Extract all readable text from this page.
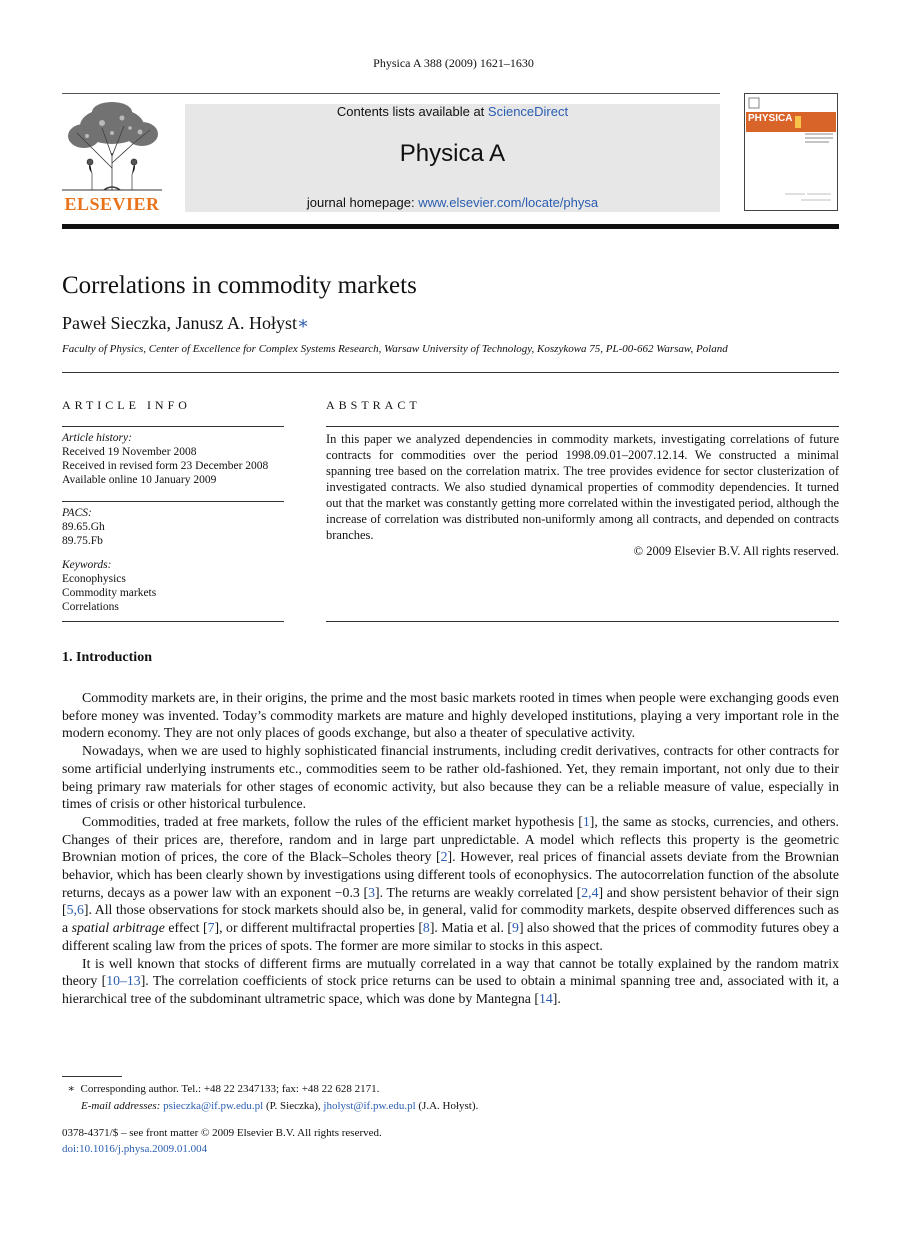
Physica A 388 (2009) 1621–1630
ELSEVIER
Contents lists available at ScienceDirect
Physica A
journal homepage: www.elsevier.com/locate/physa
PHYSICA
Correlations in commodity markets
Paweł Sieczka, Janusz A. Hołyst∗
Faculty of Physics, Center of Excellence for Complex Systems Research, Warsaw University of Technology, Koszykowa 75, PL-00-662 Warsaw, Poland
ARTICLE INFO
Article history:
Received 19 November 2008
Received in revised form 23 December 2008
Available online 10 January 2009
PACS:
89.65.Gh
89.75.Fb
Keywords:
Econophysics
Commodity markets
Correlations
ABSTRACT
In this paper we analyzed dependencies in commodity markets, investigating correlations of future contracts for commodities over the period 1998.09.01–2007.12.14. We constructed a minimal spanning tree based on the correlation matrix. The tree provides evidence for sector clusterization of investigated contracts. We also studied dynamical properties of commodity dependencies. It turned out that the market was constantly getting more correlated within the investigated period, although the increase of correlation was distributed non-uniformly among all contracts, and depended on contracts branches.
© 2009 Elsevier B.V. All rights reserved.
1. Introduction

Commodity markets are, in their origins, the prime and the most basic markets rooted in times when people were exchanging goods even before money was invented. Today’s commodity markets are mature and highly developed institutions, playing a very important role in the modern economy. They are not only places of goods exchange, but also a theater of speculative activity.

Nowadays, when we are used to highly sophisticated financial instruments, including credit derivatives, contracts for other contracts for some artificial underlying instruments etc., commodities seem to be rather old-fashioned. Yet, they remain important, not only due to their being primary raw materials for other stages of economic activity, but also because they can be a reliable measure of value, especially in times of crisis or other historical turbulence.

Commodities, traded at free markets, follow the rules of the efficient market hypothesis [1], the same as stocks, currencies, and others. Changes of their prices are, therefore, random and in large part unpredictable. A model which reflects this property is the geometric Brownian motion of prices, the core of the Black–Scholes theory [2]. However, real prices of financial assets deviate from the Brownian behavior, which has been clearly shown by investigations using different tools of econophysics. The autocorrelation function of the absolute returns, decays as a power law with an exponent −0.3 [3]. The returns are weakly correlated [2,4] and show persistent behavior of their sign [5,6]. All those observations for stock markets should also be, in general, valid for commodity markets, despite observed differences such as a spatial arbitrage effect [7], or different multifractal properties [8]. Matia et al. [9] also showed that the prices of commodity futures obey a different scaling law from the prices of spots. The former are more similar to stocks in this aspect.

It is well known that stocks of different firms are mutually correlated in a way that cannot be totally explained by the random matrix theory [10–13]. The correlation coefficients of stock price returns can be used to obtain a minimal spanning tree and, associated with it, a hierarchical tree of the subdominant ultrametric space, which was done by Mantegna [14].

∗ Corresponding author. Tel.: +48 22 2347133; fax: +48 22 628 2171.
E-mail addresses: psieczka@if.pw.edu.pl (P. Sieczka), jholyst@if.pw.edu.pl (J.A. Hołyst).
0378-4371/$ – see front matter © 2009 Elsevier B.V. All rights reserved.
doi:10.1016/j.physa.2009.01.004
